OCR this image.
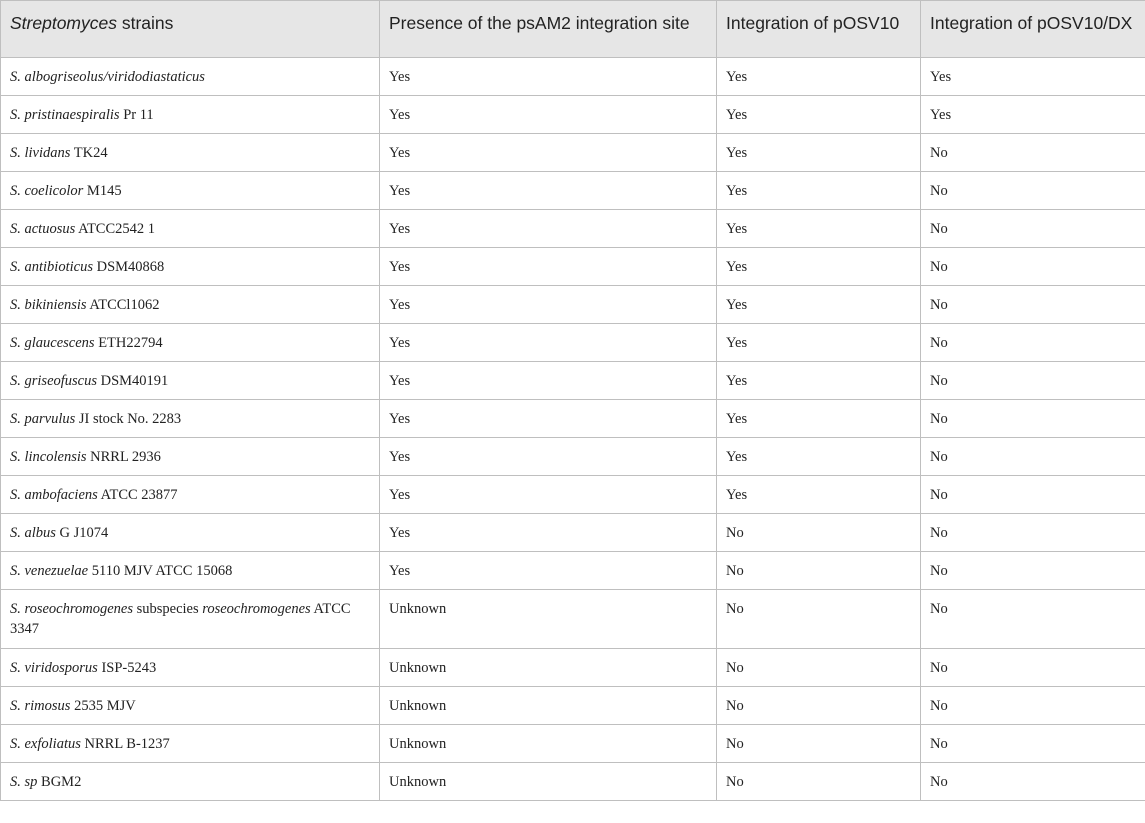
Streptomyces strains	Presence of the psAM2 integration site	Integration of pOSV10	Integration of pOSV10/DX
S. albogriseolus/viridodiastaticus	Yes	Yes	Yes
S. pristinaespiralis Pr 11	Yes	Yes	Yes
S. lividans TK24	Yes	Yes	No
S. coelicolor M145	Yes	Yes	No
S. actuosus ATCC2542 1	Yes	Yes	No
S. antibioticus DSM40868	Yes	Yes	No
S. bikiniensis ATCCl1062	Yes	Yes	No
S. glaucescens ETH22794	Yes	Yes	No
S. griseofuscus DSM40191	Yes	Yes	No
S. parvulus JI stock No. 2283	Yes	Yes	No
S. lincolensis NRRL 2936	Yes	Yes	No
S. ambofaciens ATCC 23877	Yes	Yes	No
S. albus G J1074	Yes	No	No
S. venezuelae 5110 MJV ATCC 15068	Yes	No	No
S. roseochromogenes subspecies roseochromogenes ATCC 3347	Unknown	No	No
S. viridosporus ISP-5243	Unknown	No	No
S. rimosus 2535 MJV	Unknown	No	No
S. exfoliatus NRRL B-1237	Unknown	No	No
S. sp BGM2	Unknown	No	No
